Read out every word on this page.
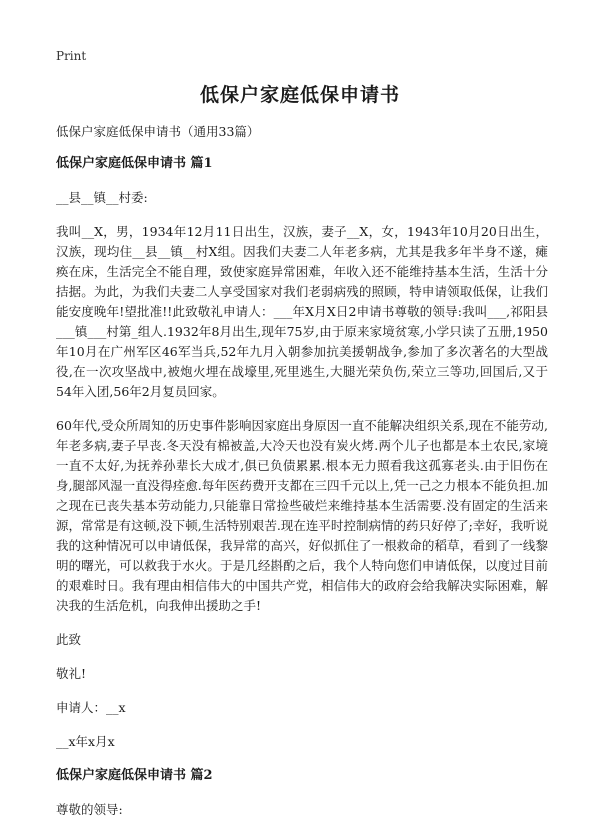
Print
低保户家庭低保申请书

低保户家庭低保申请书（通用33篇）

低保户家庭低保申请书 篇1

__县__镇__村委:

我叫__X，男，1934年12月11日出生，汉族，妻子__X，女，1943年10月20日出生，汉族，现均住__县__镇__村X组。因我们夫妻二人年老多病，尤其是我多年半身不遂，瘫痪在床，生活完全不能自理，致使家庭异常困难，年收入还不能维持基本生活，生活十分拮据。为此，为我们夫妻二人享受国家对我们老弱病残的照顾，特申请领取低保，让我们能安度晚年!望批准!!此致敬礼申请人：___年X月X日2申请书尊敬的领导:我叫___,祁阳县___镇___村第_组人.1932年8月出生,现年75岁,由于原来家境贫寒,小学只读了五册,1950年10月在广州军区46军当兵,52年九月入朝参加抗美援朝战争,参加了多次著名的大型战役,在一次攻坚战中,被炮火埋在战壕里,死里逃生,大腿光荣负伤,荣立三等功,回国后,又于54年入团,56年2月复员回家。

60年代,受众所周知的历史事件影响因家庭出身原因一直不能解决组织关系,现在不能劳动,年老多病,妻子早丧.冬天没有棉被盖,大冷天也没有炭火烤.两个儿子也都是本土农民,家境一直不太好,为抚养孙辈长大成才,俱已负债累累.根本无力照看我这孤寡老头.由于旧伤在身,腿部风湿一直没得痊愈.每年医药费开支都在三四千元以上,凭一己之力根本不能负担.加之现在已丧失基本劳动能力,只能靠日常捡些破烂来维持基本生活需要.没有固定的生活来源，常常是有这顿,没下顿,生活特别艰苦.现在连平时控制病情的药只好停了;幸好，我听说我的这种情况可以申请低保，我异常的高兴，好似抓住了一根救命的稻草，看到了一线黎明的曙光，可以救我于水火。于是几经斟酌之后，我个人特向您们申请低保，以度过目前的艰难时日。我有理由相信伟大的中国共产党，相信伟大的政府会给我解决实际困难，解决我的生活危机，向我伸出援助之手!

此致

敬礼!

申请人：__x

__x年x月x

低保户家庭低保申请书 篇2

尊敬的领导:
